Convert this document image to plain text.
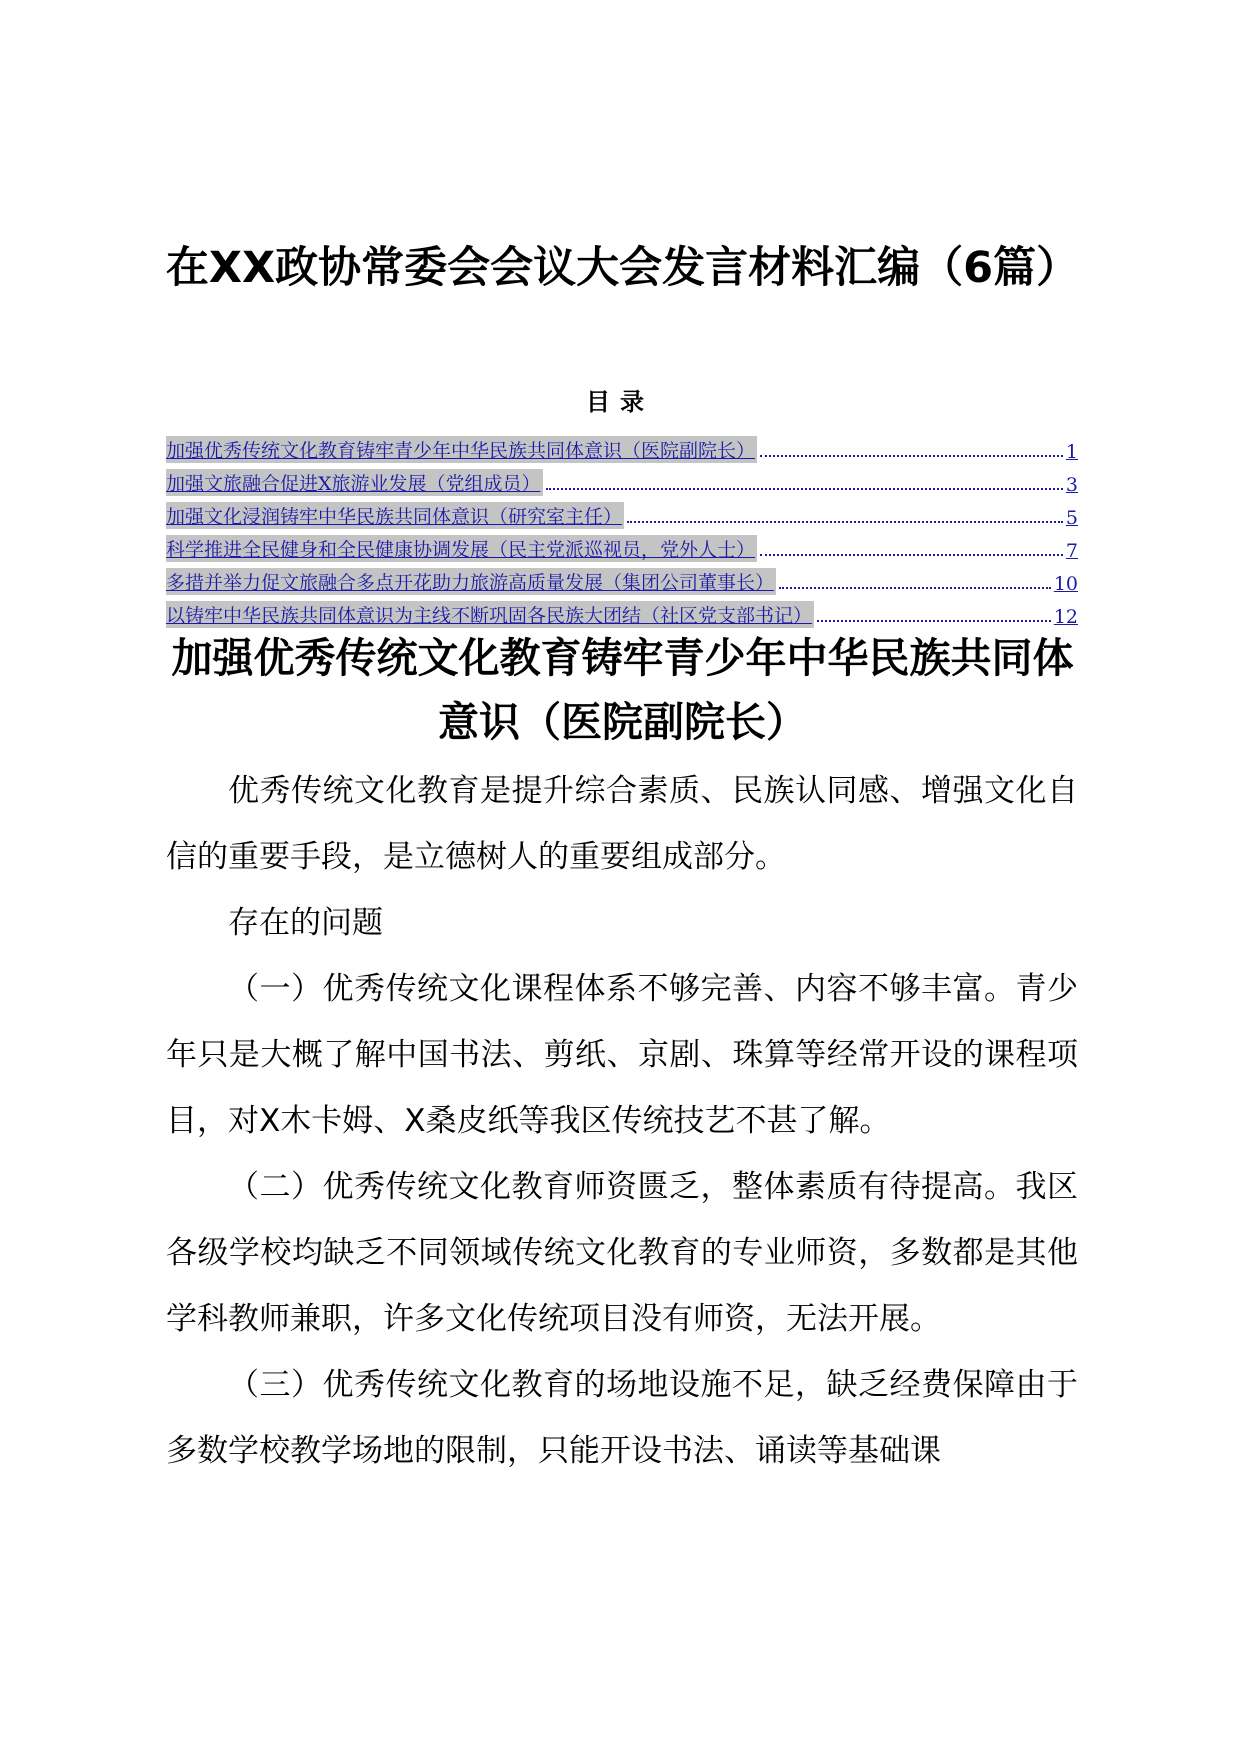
在XX政协常委会会议大会发言材料汇编（6篇）
目录
加强优秀传统文化教育铸牢青少年中华民族共同体意识（医院副院长）	1
加强文旅融合促进X旅游业发展（党组成员）	3
加强文化浸润铸牢中华民族共同体意识（研究室主任）	5
科学推进全民健身和全民健康协调发展（民主党派巡视员，党外人士）	7
多措并举力促文旅融合多点开花助力旅游高质量发展（集团公司董事长）	10
以铸牢中华民族共同体意识为主线不断巩固各民族大团结（社区党支部书记）	12
加强优秀传统文化教育铸牢青少年中华民族共同体意识（医院副院长）

优秀传统文化教育是提升综合素质、民族认同感、增强文化自信的重要手段，是立德树人的重要组成部分。

存在的问题

（一）优秀传统文化课程体系不够完善、内容不够丰富。青少年只是大概了解中国书法、剪纸、京剧、珠算等经常开设的课程项目，对X木卡姆、X桑皮纸等我区传统技艺不甚了解。

（二）优秀传统文化教育师资匮乏，整体素质有待提高。我区各级学校均缺乏不同领域传统文化教育的专业师资，多数都是其他学科教师兼职，许多文化传统项目没有师资，无法开展。

（三）优秀传统文化教育的场地设施不足，缺乏经费保障由于多数学校教学场地的限制，只能开设书法、诵读等基础课
